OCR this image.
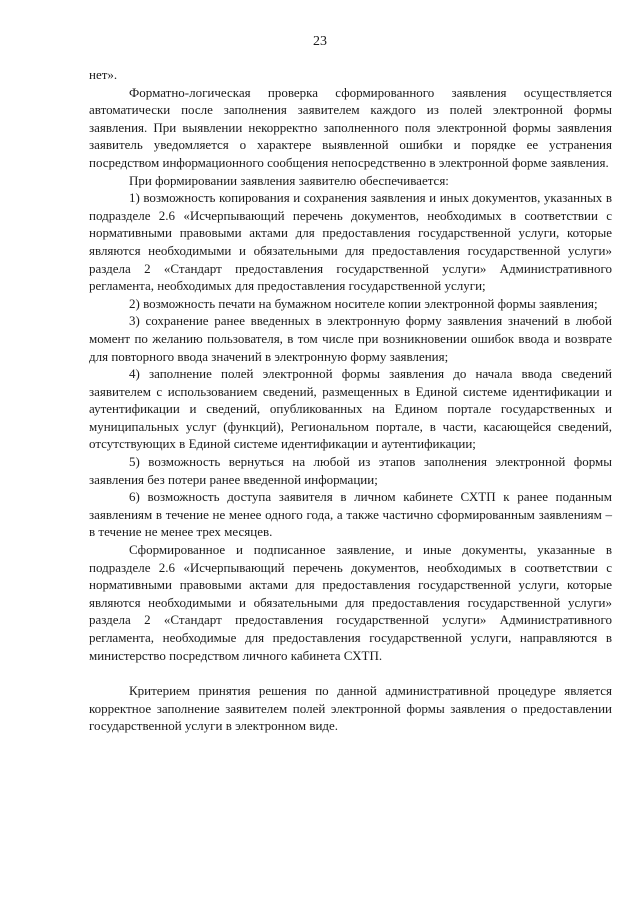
23

нет».

Форматно-логическая проверка сформированного заявления осуществляется автоматически после заполнения заявителем каждого из полей электронной формы заявления. При выявлении некорректно заполненного поля электронной формы заявления заявитель уведомляется о характере выявленной ошибки и порядке ее устранения посредством информационного сообщения непосредственно в электронной форме заявления.

При формировании заявления заявителю обеспечивается:

1) возможность копирования и сохранения заявления и иных документов, указанных в подразделе 2.6 «Исчерпывающий перечень документов, необходимых в соответствии с нормативными правовыми актами для предоставления государственной услуги, которые являются необходимыми и обязательными для предоставления государственной услуги» раздела 2 «Стандарт предоставления государственной услуги» Административного регламента, необходимых для предоставления государственной услуги;

2) возможность печати на бумажном носителе копии электронной формы заявления;

3) сохранение ранее введенных в электронную форму заявления значений в любой момент по желанию пользователя, в том числе при возникновении ошибок ввода и возврате для повторного ввода значений в электронную форму заявления;

4) заполнение полей электронной формы заявления до начала ввода сведений заявителем с использованием сведений, размещенных в Единой системе идентификации и аутентификации и сведений, опубликованных на Едином портале государственных и муниципальных услуг (функций), Региональном портале, в части, касающейся сведений, отсутствующих в Единой системе идентификации и аутентификации;

5) возможность вернуться на любой из этапов заполнения электронной формы заявления без потери ранее введенной информации;

6) возможность доступа заявителя в личном кабинете СХТП к ранее поданным заявлениям в течение не менее одного года, а также частично сформированным заявлениям – в течение не менее трех месяцев.

Сформированное и подписанное заявление, и иные документы, указанные в подразделе 2.6 «Исчерпывающий перечень документов, необходимых в соответствии с нормативными правовыми актами для предоставления государственной услуги, которые являются необходимыми и обязательными для предоставления государственной услуги» раздела 2 «Стандарт предоставления государственной услуги» Административного регламента, необходимые для предоставления государственной услуги, направляются в министерство посредством личного кабинета СХТП.

Критерием принятия решения по данной административной процедуре является корректное заполнение заявителем полей электронной формы заявления о предоставлении государственной услуги в электронном виде.
